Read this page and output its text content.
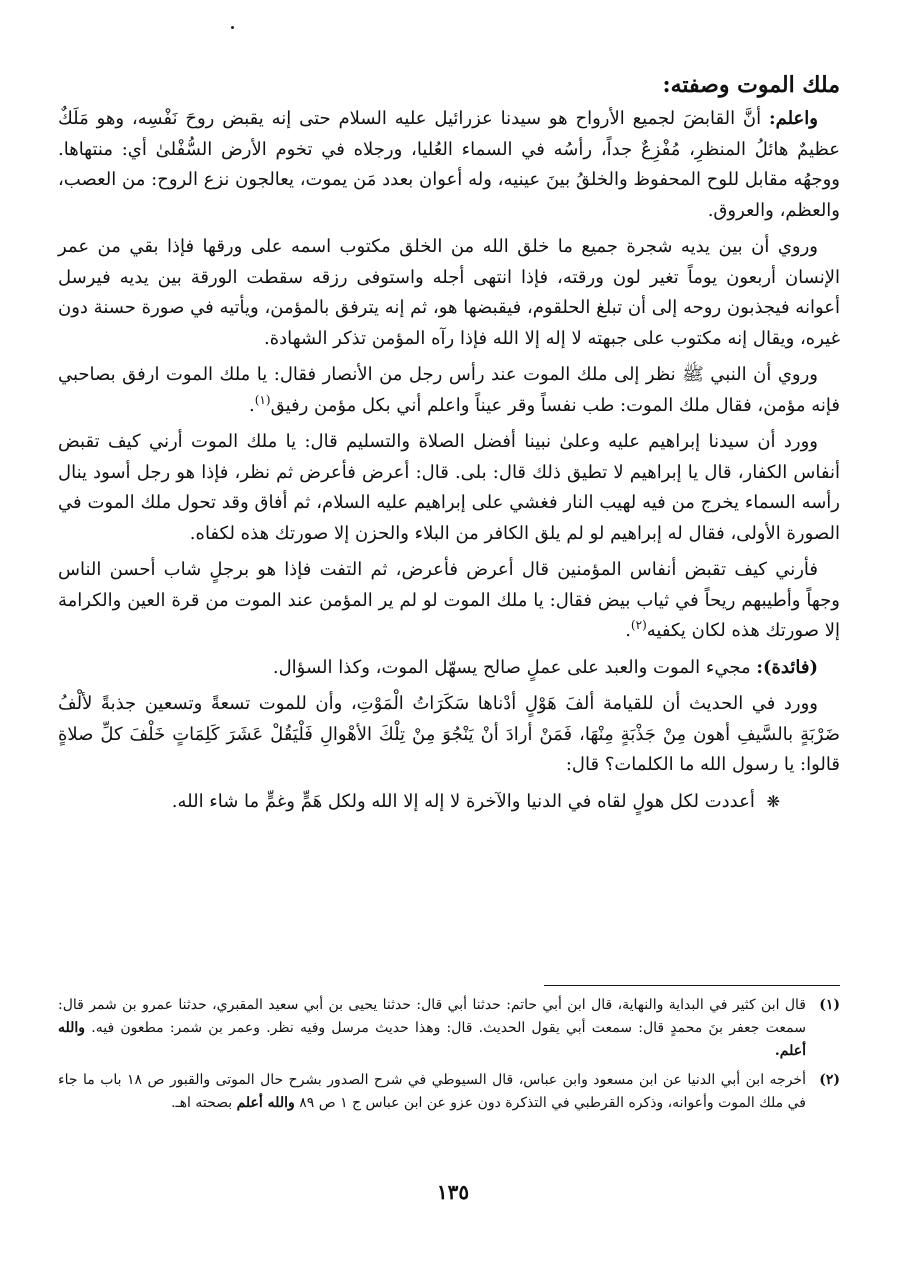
ملك الموت وصفته:

واعلم: أنَّ القابضَ لجميع الأرواح هو سيدنا عزرائيل عليه السلام حتى إنه يقبض روحَ نَفْسِه، وهو مَلَكٌ عظيمٌ هائلُ المنظرِ، مُفْزِعٌ جداً، رأسُه في السماء العُليا، ورجلاه في تخوم الأرض السُّفْلىٰ أي: منتهاها. ووجهُه مقابل للوح المحفوظ والخلقُ بينَ عينيه، وله أعوان بعدد مَن يموت، يعالجون نزع الروح: من العصب، والعظم، والعروق.

وروي أن بين يديه شجرة جميع ما خلق الله من الخلق مكتوب اسمه على ورقها فإذا بقي من عمر الإنسان أربعون يوماً تغير لون ورقته، فإذا انتهى أجله واستوفى رزقه سقطت الورقة بين يديه فيرسل أعوانه فيجذبون روحه إلى أن تبلغ الحلقوم، فيقبضها هو، ثم إنه يترفق بالمؤمن، ويأتيه في صورة حسنة دون غيره، ويقال إنه مكتوب على جبهته لا إله إلا الله فإذا رآه المؤمن تذكر الشهادة.

وروي أن النبي ﷺ نظر إلى ملك الموت عند رأس رجل من الأنصار فقال: يا ملك الموت ارفق بصاحبي فإنه مؤمن، فقال ملك الموت: طب نفساً وقر عيناً واعلم أني بكل مؤمن رفيق$^{(١)}$.

وورد أن سيدنا إبراهيم عليه وعلىٰ نبينا أفضل الصلاة والتسليم قال: يا ملك الموت أرني كيف تقبض أنفاس الكفار، قال يا إبراهيم لا تطيق ذلك قال: بلى. قال: أعرض فأعرض ثم نظر، فإذا هو رجل أسود ينال رأسه السماء يخرج من فيه لهيب النار فغشي على إبراهيم عليه السلام، ثم أفاق وقد تحول ملك الموت في الصورة الأولى، فقال له إبراهيم لو لم يلق الكافر من البلاء والحزن إلا صورتك هذه لكفاه.

فأرني كيف تقبض أنفاس المؤمنين قال أعرض فأعرض، ثم التفت فإذا هو برجلٍ شاب أحسن الناس وجهاً وأطيبهم ريحاً في ثياب بيض فقال: يا ملك الموت لو لم ير المؤمن عند الموت من قرة العين والكرامة إلا صورتك هذه لكان يكفيه$^{(٢)}$.

(فائدة): مجيء الموت والعبد على عملٍ صالح يسهّل الموت، وكذا السؤال.

وورد في الحديث أن للقيامة ألفَ هَوْلٍ أدْناها سَكَرَاتُ الْمَوْتِ، وأن للموت تسعةً وتسعين جذبةً لألْفُ ضَرْبَةٍ بالسَّيفِ أهون مِنْ جَذْبَةٍ مِنْهَا، فَمَنْ أرادَ أنْ يَنْجُوَ مِنْ تِلْكَ الأهْوالِ فَلْيَقُلْ عَشَرَ كَلِمَاتٍ خَلْفَ كلِّ صلاةٍ قالوا: يا رسول الله ما الكلمات؟ قال:

❋ أعددت لكل هولٍ لقاه في الدنيا والآخرة لا إله إلا الله ولكل هَمٍّ وغمٍّ ما شاء الله.

(١)
قال ابن كثير في البداية والنهاية، قال ابن أبي حاتم: حدثنا أبي قال: حدثنا يحيى بن أبي سعيد المقبري، حدثنا عمرو بن شمر قال: سمعت جعفر بنَ محمدٍ قال: سمعت أبي يقول الحديث. قال: وهذا حديث مرسل وفيه نظر. وعمر بن شمر: مطعون فيه. والله أعلم.
(٢)
أخرجه ابن أبي الدنيا عن ابن مسعود وابن عباس، قال السيوطي في شرح الصدور بشرح حال الموتى والقبور ص ١٨ باب ما جاء في ملك الموت وأعوانه، وذكره القرطبي في التذكرة دون عزو عن ابن عباس ج ١ ص ٨٩ والله أعلم بصحته اهـ.
١٣٥
